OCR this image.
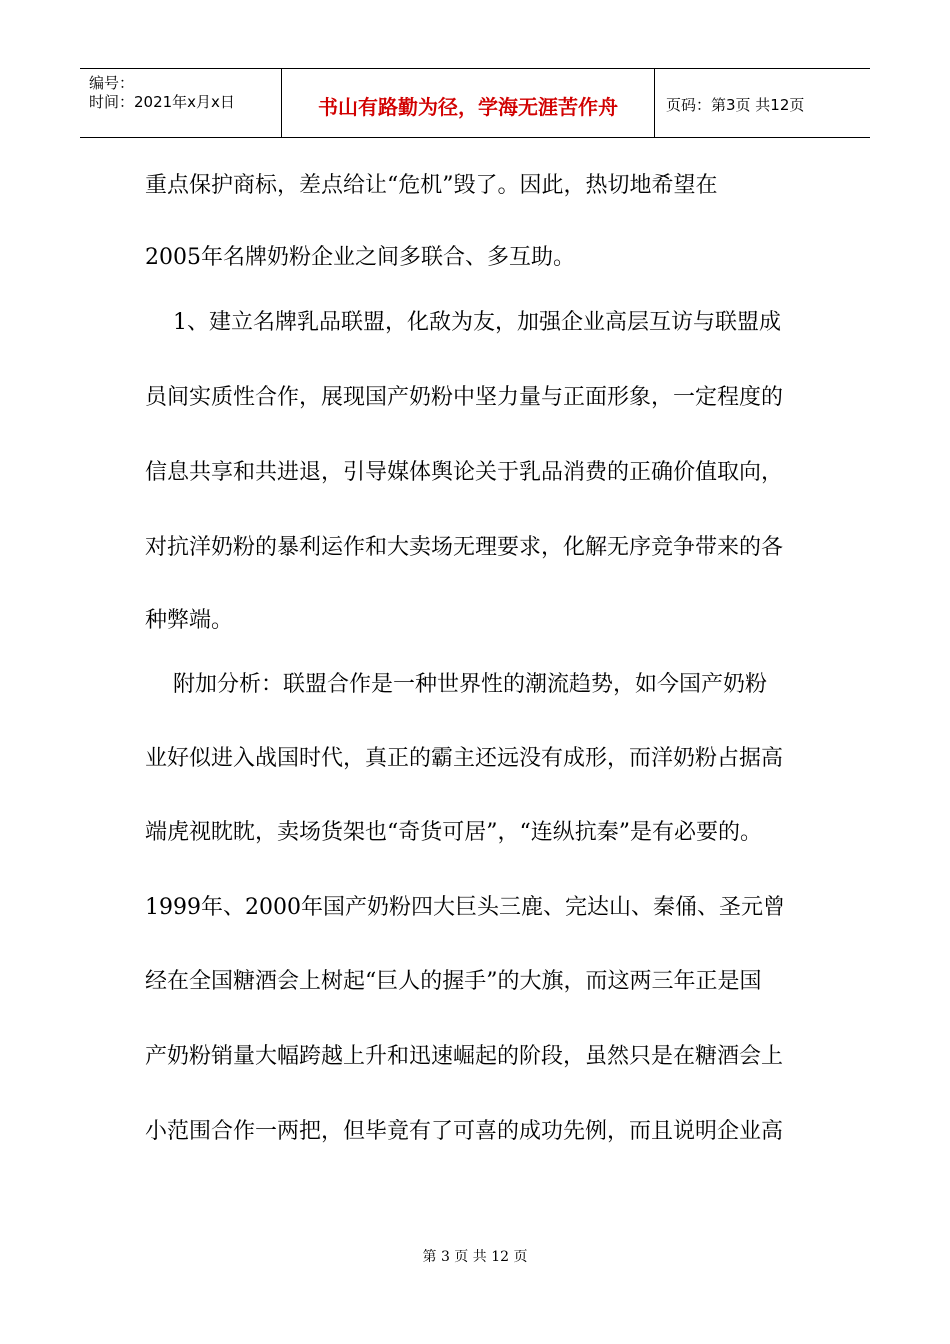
编号：
时间：2021年x月x日	书山有路勤为径，学海无涯苦作舟	页码：第3页 共12页
重点保护商标，差点给让“危机”毁了。因此，热切地希望在
2005年名牌奶粉企业之间多联合、多互助。
1、建立名牌乳品联盟，化敌为友，加强企业高层互访与联盟成
员间实质性合作，展现国产奶粉中坚力量与正面形象，一定程度的
信息共享和共进退，引导媒体舆论关于乳品消费的正确价值取向，
对抗洋奶粉的暴利运作和大卖场无理要求，化解无序竞争带来的各
种弊端。
附加分析：联盟合作是一种世界性的潮流趋势，如今国产奶粉
业好似进入战国时代，真正的霸主还远没有成形，而洋奶粉占据高
端虎视眈眈，卖场货架也“奇货可居”，“连纵抗秦”是有必要的。
1999年、2000年国产奶粉四大巨头三鹿、完达山、秦俑、圣元曾
经在全国糖酒会上树起“巨人的握手”的大旗，而这两三年正是国
产奶粉销量大幅跨越上升和迅速崛起的阶段，虽然只是在糖酒会上
小范围合作一两把，但毕竟有了可喜的成功先例，而且说明企业高
第 3 页 共 12 页
